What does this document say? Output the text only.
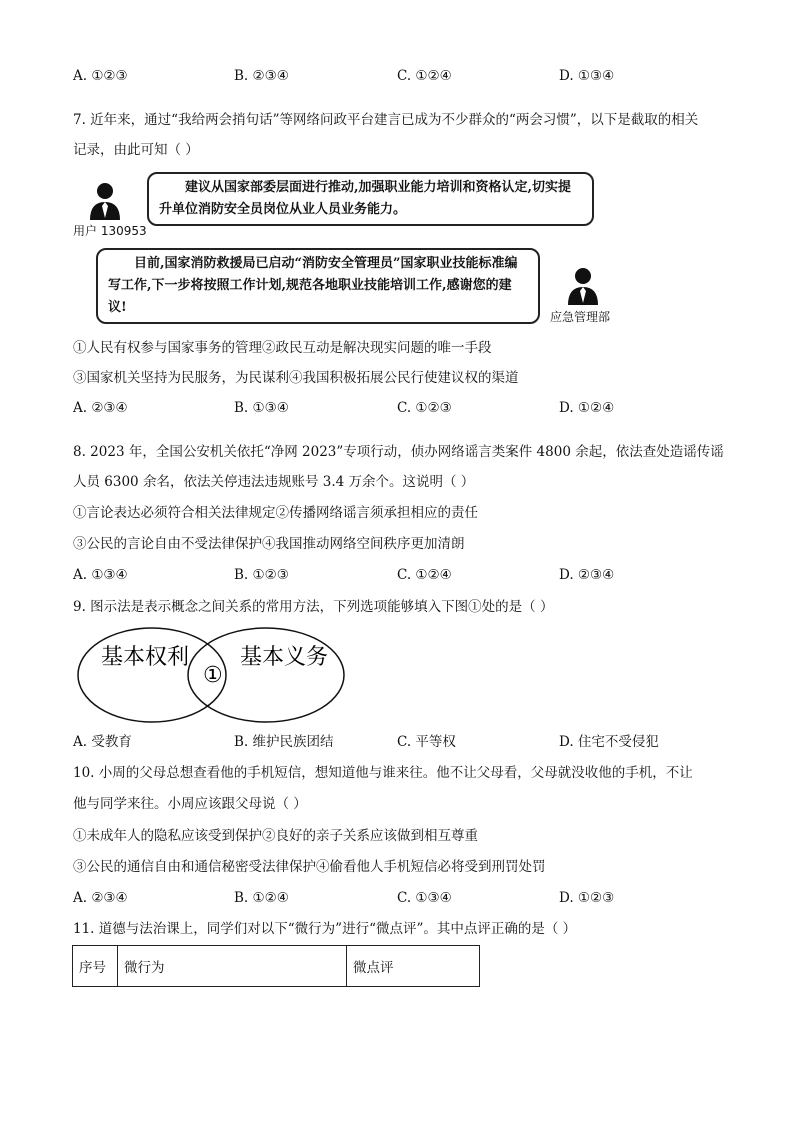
A. ①②③	B. ②③④	C. ①②④	D. ①③④
7. 近年来，通过“我给两会捎句话”等网络问政平台建言已成为不少群众的“两会习惯”，以下是截取的相关
记录，由此可知（ ）
用户 130953

建议从国家部委层面进行推动,加强职业能力培训和资格认定,切实提升单位消防安全员岗位从业人员业务能力。

目前,国家消防救援局已启动“消防安全管理员”国家职业技能标准编写工作,下一步将按照工作计划,规范各地职业技能培训工作,感谢您的建议!

应急管理部
①人民有权参与国家事务的管理②政民互动是解决现实问题的唯一手段
③国家机关坚持为民服务，为民谋利④我国积极拓展公民行使建议权的渠道
A. ②③④	B. ①③④	C. ①②③	D. ①②④
8. 2023 年，全国公安机关依托“净网 2023”专项行动，侦办网络谣言类案件 4800 余起，依法查处造谣传谣
人员 6300 余名，依法关停违法违规账号 3.4 万余个。这说明（ ）
①言论表达必须符合相关法律规定②传播网络谣言须承担相应的责任
③公民的言论自由不受法律保护④我国推动网络空间秩序更加清朗
A. ①③④	B. ①②③	C. ①②④	D. ②③④
9. 图示法是表示概念之间关系的常用方法，下列选项能够填入下图①处的是（ ）
基本权利 基本义务
①
A. 受教育	B. 维护民族团结	C. 平等权	D. 住宅不受侵犯
10. 小周的父母总想查看他的手机短信，想知道他与谁来往。他不让父母看，父母就没收他的手机，不让
他与同学来往。小周应该跟父母说（ ）
①未成年人的隐私应该受到保护②良好的亲子关系应该做到相互尊重
③公民的通信自由和通信秘密受法律保护④偷看他人手机短信必将受到刑罚处罚
A. ②③④	B. ①②④	C. ①③④	D. ①②③
11. 道德与法治课上，同学们对以下“微行为”进行“微点评”。其中点评正确的是（ ）
序号	微行为	微点评
